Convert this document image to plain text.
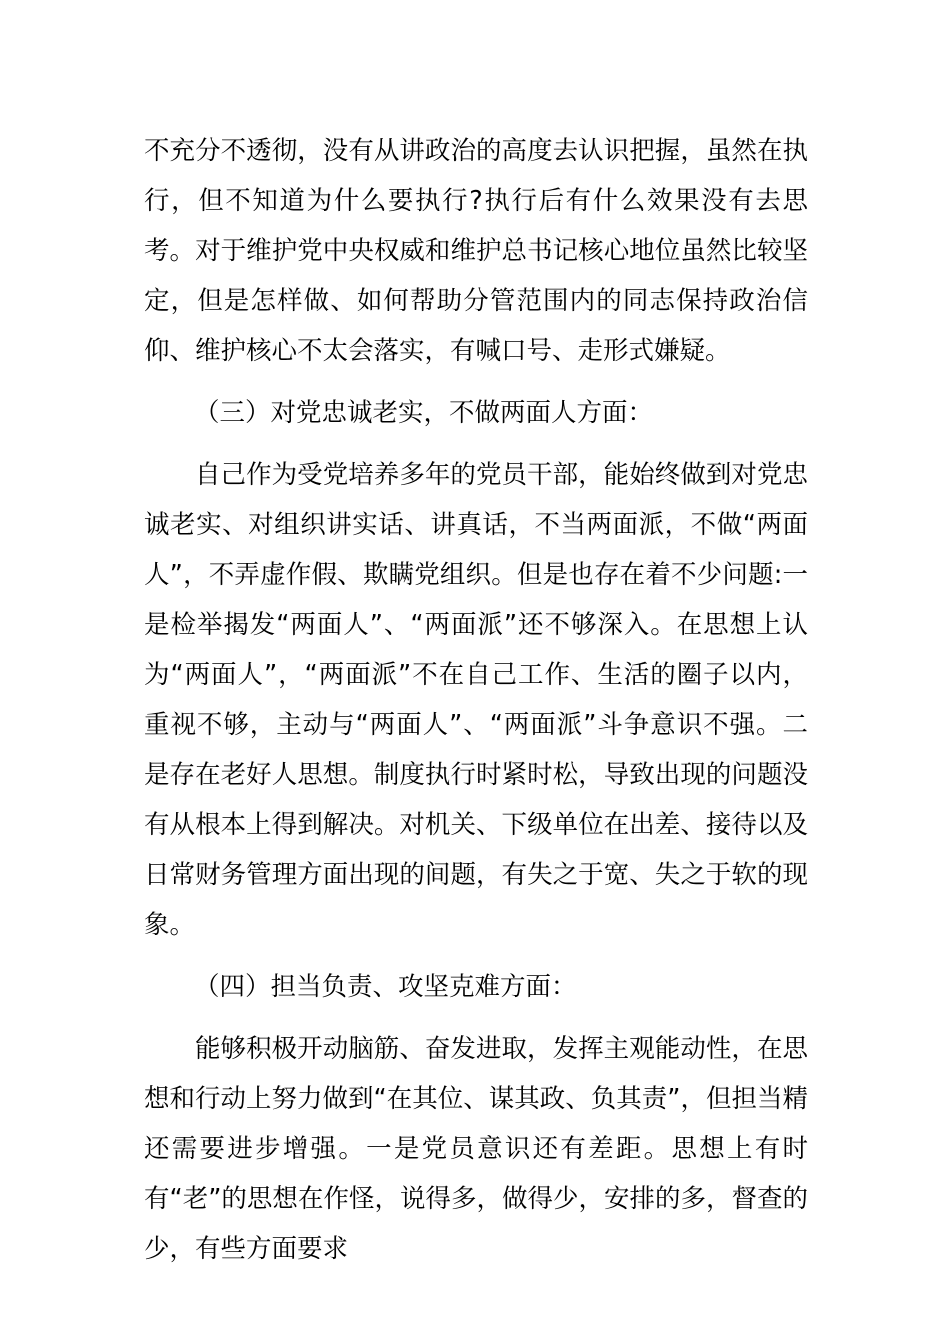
不充分不透彻，没有从讲政治的高度去认识把握，虽然在执行，但不知道为什么要执行?执行后有什么效果没有去思考。对于维护党中央权威和维护总书记核心地位虽然比较坚定，但是怎样做、如何帮助分管范围内的同志保持政治信仰、维护核心不太会落实，有喊口号、走形式嫌疑。

（三）对党忠诚老实，不做两面人方面：

自己作为受党培养多年的党员干部，能始终做到对党忠诚老实、对组织讲实话、讲真话，不当两面派，不做“两面人”，不弄虚作假、欺瞒党组织。但是也存在着不少问题:一是检举揭发“两面人”、“两面派”还不够深入。在思想上认为“两面人”，“两面派”不在自己工作、生活的圈子以内，重视不够，主动与“两面人”、“两面派”斗争意识不强。二是存在老好人思想。制度执行时紧时松，导致出现的问题没有从根本上得到解决。对机关、下级单位在出差、接待以及日常财务管理方面出现的间题，有失之于宽、失之于软的现象。

（四）担当负责、攻坚克难方面：

能够积极开动脑筋、奋发进取，发挥主观能动性，在思想和行动上努力做到“在其位、谋其政、负其责”，但担当精还需要进步增强。一是党员意识还有差距。思想上有时有“老”的思想在作怪，说得多，做得少，安排的多，督查的少，有些方面要求
